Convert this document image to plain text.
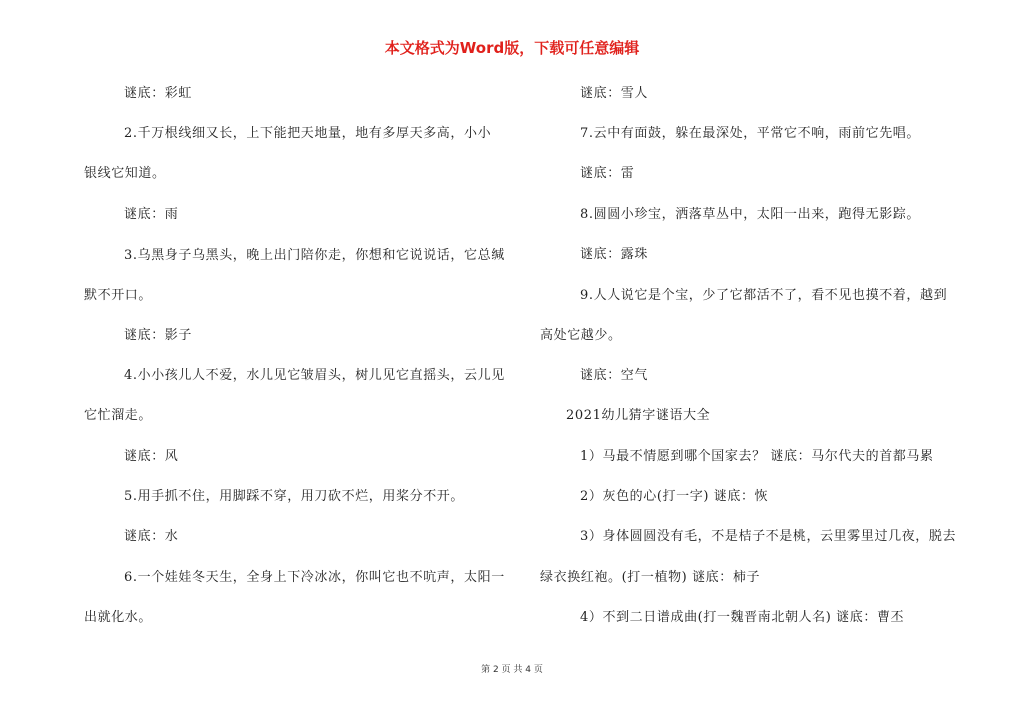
本文格式为Word版，下载可任意编辑
谜底：彩虹
2.千万根线细又长，上下能把天地量，地有多厚天多高，小小
银线它知道。
谜底：雨
3.乌黑身子乌黑头，晚上出门陪你走，你想和它说说话，它总缄
默不开口。
谜底：影子
4.小小孩儿人不爱，水儿见它皱眉头，树儿见它直摇头，云儿见
它忙溜走。
谜底：风
5.用手抓不住，用脚踩不穿，用刀砍不烂，用桨分不开。
谜底：水
6.一个娃娃冬天生，全身上下冷冰冰，你叫它也不吭声，太阳一
出就化水。
谜底：雪人
7.云中有面鼓，躲在最深处，平常它不响，雨前它先唱。
谜底：雷
8.圆圆小珍宝，洒落草丛中，太阳一出来，跑得无影踪。
谜底：露珠
9.人人说它是个宝，少了它都活不了，看不见也摸不着，越到
高处它越少。
谜底：空气
2021幼儿猜字谜语大全
1）马最不情愿到哪个国家去？ 谜底：马尔代夫的首都马累
2）灰色的心(打一字) 谜底：恢
3）身体圆圆没有毛，不是桔子不是桃，云里雾里过几夜，脱去
绿衣换红袍。(打一植物) 谜底：柿子
4）不到二日谱成曲(打一魏晋南北朝人名) 谜底：曹丕
第 2 页 共 4 页
